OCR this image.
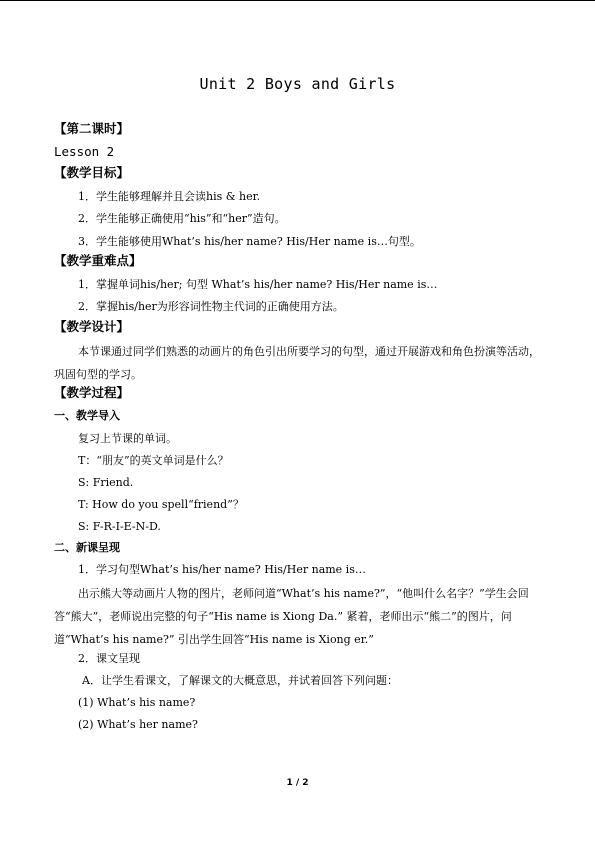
Unit 2 Boys and Girls
【第二课时】
Lesson 2
【教学目标】
1．学生能够理解并且会读his & her.
2．学生能够正确使用“his”和“her”造句。
3．学生能够使用What’s his/her name? His/Her name is…句型。
【教学重难点】
1．掌握单词his/her; 句型 What’s his/her name? His/Her name is…
2．掌握his/her为形容词性物主代词的正确使用方法。
【教学设计】
本节课通过同学们熟悉的动画片的角色引出所要学习的句型，通过开展游戏和角色扮演等活动，巩固句型的学习。
【教学过程】
一、教学导入
复习上节课的单词。
T：“朋友”的英文单词是什么？
S: Friend.
T: How do you spell“friend”？
S: F-R-I-E-N-D.
二、新课呈现
1．学习句型What’s his/her name? His/Her name is…
出示熊大等动画片人物的图片，老师问道“What’s his name?”，“他叫什么名字？”学生会回答“熊大”，老师说出完整的句子“His name is Xiong Da.” 紧着，老师出示“熊二”的图片，问道“What’s his name?” 引出学生回答“His name is Xiong er.”
2．课文呈现
A．让学生看课文，了解课文的大概意思，并试着回答下列问题：
(1) What’s his name?
(2) What’s her name?
1 / 2
